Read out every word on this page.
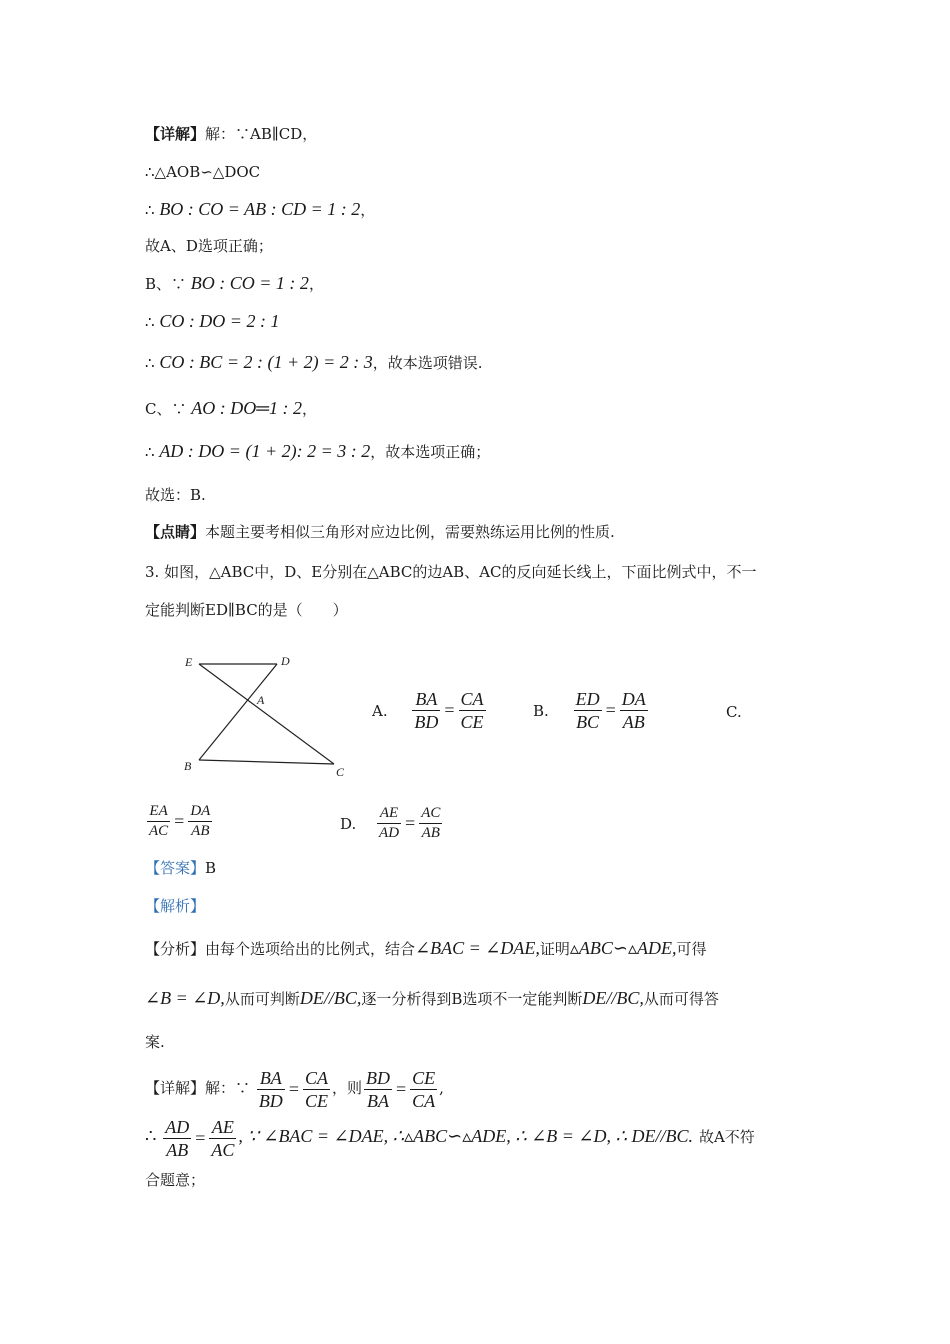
【详解】解：∵AB∥CD，
∴△AOB∽△DOC
∴ BO : CO = AB : CD = 1 : 2，
故A、D选项正确；
B、∵ BO : CO = 1 : 2，
∴ CO : DO = 2 : 1
∴ CO : BC = 2 : (1 + 2) = 2 : 3，故本选项错误.
C、∵ AO : DO═1 : 2，
∴ AD : DO = (1 + 2): 2 = 3 : 2，故本选项正确；
故选：B.
【点睛】本题主要考相似三角形对应边比例，需要熟练运用比例的性质.
3. 如图，△ABC中，D、E分别在△ABC的边AB、AC的反向延长线上，下面比例式中，不一
定能判断ED∥BC的是（　　）
E	D
A
B	C
A. $\frac{BA}{BD} = \frac{CA}{CE}$	B. $\frac{ED}{BC} = \frac{DA}{AB}$	C.
$\frac{EA}{AC} = \frac{DA}{AB}$	D. $\frac{AE}{AD} = \frac{AC}{AB}$
【答案】B
【解析】
【分析】由每个选项给出的比例式，结合∠BAC = ∠DAE,证明▵ABC∽▵ADE,可得
∠B = ∠D,从而可判断DE//BC,逐一分析得到B选项不一定能判断DE//BC,从而可得答
案.
【详解】解：∵ $\frac{BA}{BD} = \frac{CA}{CE}$ ，则 $\frac{BD}{BA} = \frac{CE}{CA}$ ,
∴ $\frac{AD}{AB} = \frac{AE}{AC}$ , ∵ ∠BAC = ∠DAE, ∴▵ABC∽▵ADE, ∴ ∠B = ∠D, ∴ DE//BC. 故A不符
合题意；
